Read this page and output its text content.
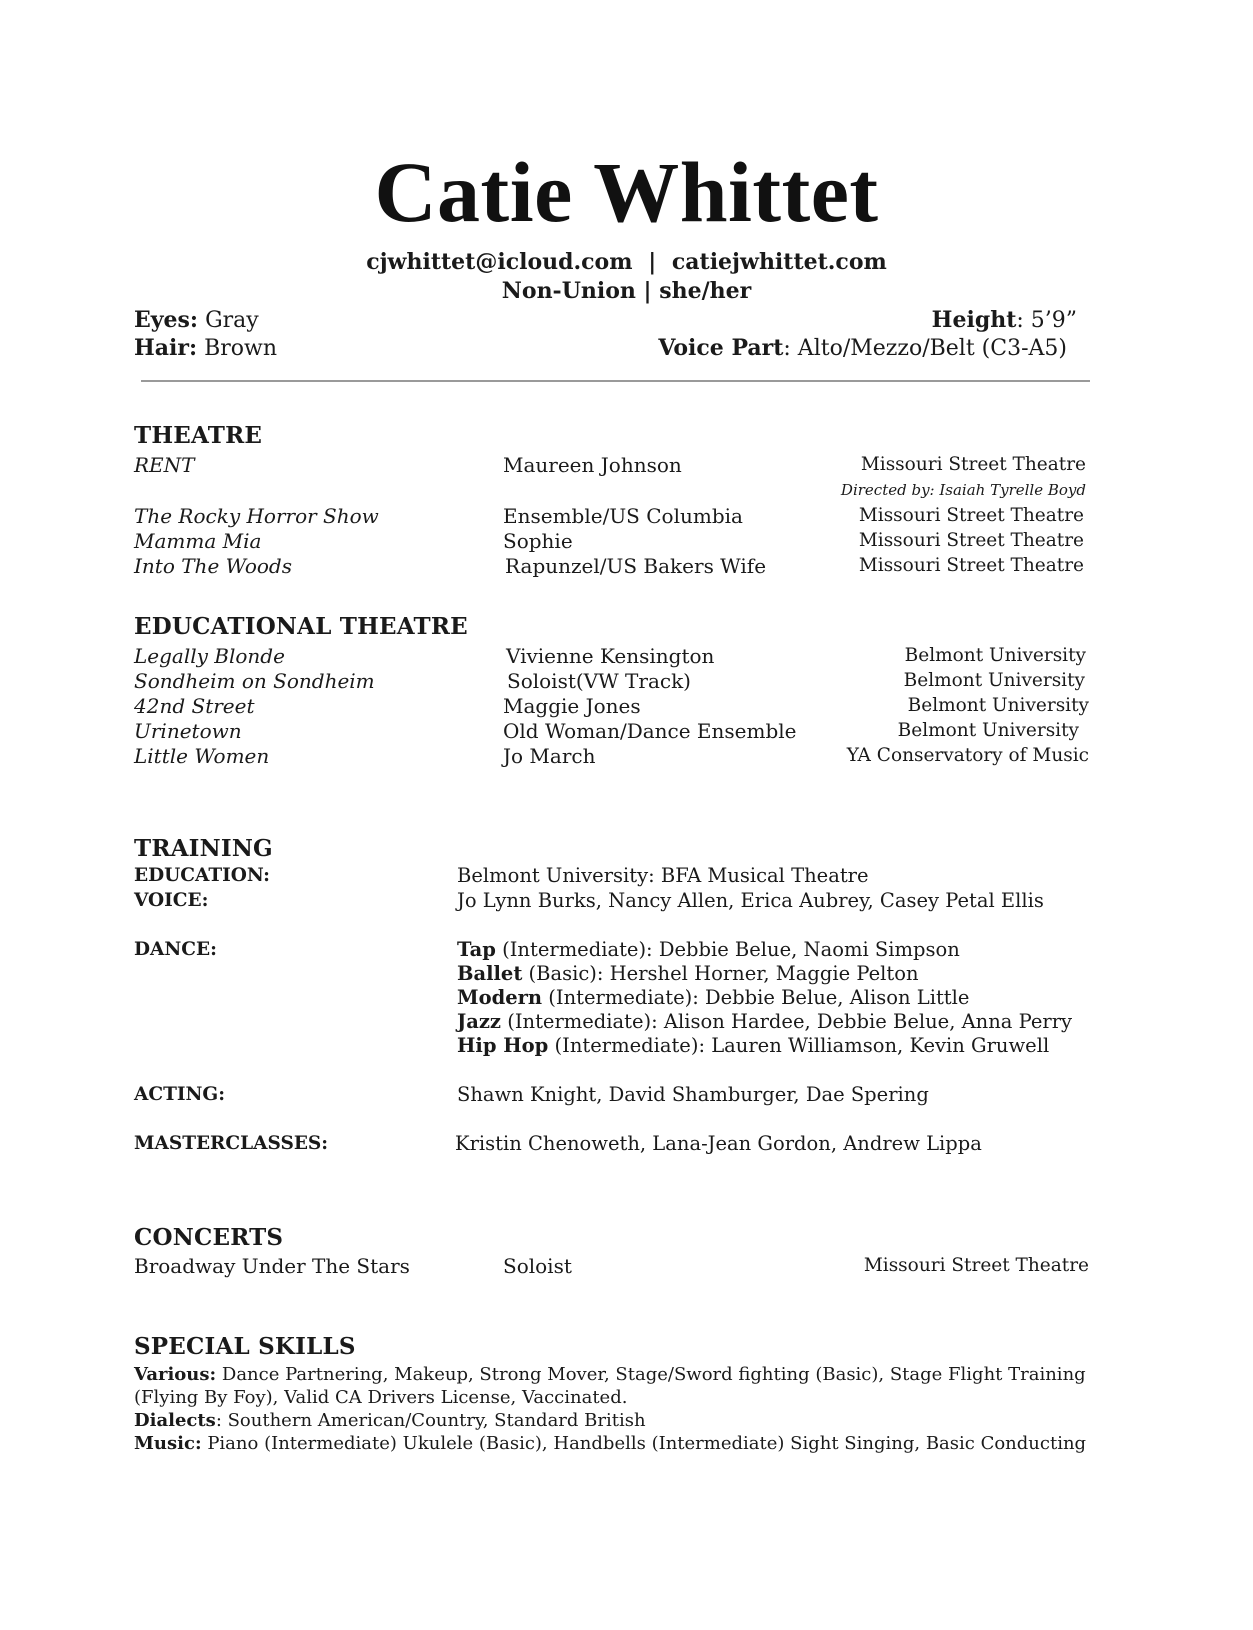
Catie Whittet
cjwhittet@icloud.com | catiejwhittet.com
Non-Union | she/her
Eyes: Gray
Hair: Brown
Height: 5’9”
Voice Part: Alto/Mezzo/Belt (C3-A5)
THEATRE
RENT	Maureen Johnson	Missouri Street Theatre
Directed by: Isaiah Tyrelle Boyd
The Rocky Horror Show	Ensemble/US Columbia	Missouri Street Theatre
Mamma Mia	Sophie	Missouri Street Theatre
Into The Woods	Rapunzel/US Bakers Wife	Missouri Street Theatre
EDUCATIONAL THEATRE
Legally Blonde	Vivienne Kensington	Belmont University
Sondheim on Sondheim	Soloist(VW Track)	Belmont University
42nd Street	Maggie Jones	Belmont University
Urinetown	Old Woman/Dance Ensemble	Belmont University
Little Women	Jo March	YA Conservatory of Music
TRAINING
EDUCATION:	Belmont University: BFA Musical Theatre
VOICE:	Jo Lynn Burks, Nancy Allen, Erica Aubrey, Casey Petal Ellis
DANCE:	Tap (Intermediate): Debbie Belue, Naomi Simpson
Ballet (Basic): Hershel Horner, Maggie Pelton
Modern (Intermediate): Debbie Belue, Alison Little
Jazz (Intermediate): Alison Hardee, Debbie Belue, Anna Perry
Hip Hop (Intermediate): Lauren Williamson, Kevin Gruwell
ACTING:	Shawn Knight, David Shamburger, Dae Spering
MASTERCLASSES:	Kristin Chenoweth, Lana-Jean Gordon, Andrew Lippa
CONCERTS
Broadway Under The Stars	Soloist	Missouri Street Theatre
SPECIAL SKILLS
Various: Dance Partnering, Makeup, Strong Mover, Stage/Sword fighting (Basic), Stage Flight Training
(Flying By Foy), Valid CA Drivers License, Vaccinated.
Dialects: Southern American/Country, Standard British
Music: Piano (Intermediate) Ukulele (Basic), Handbells (Intermediate) Sight Singing, Basic Conducting
